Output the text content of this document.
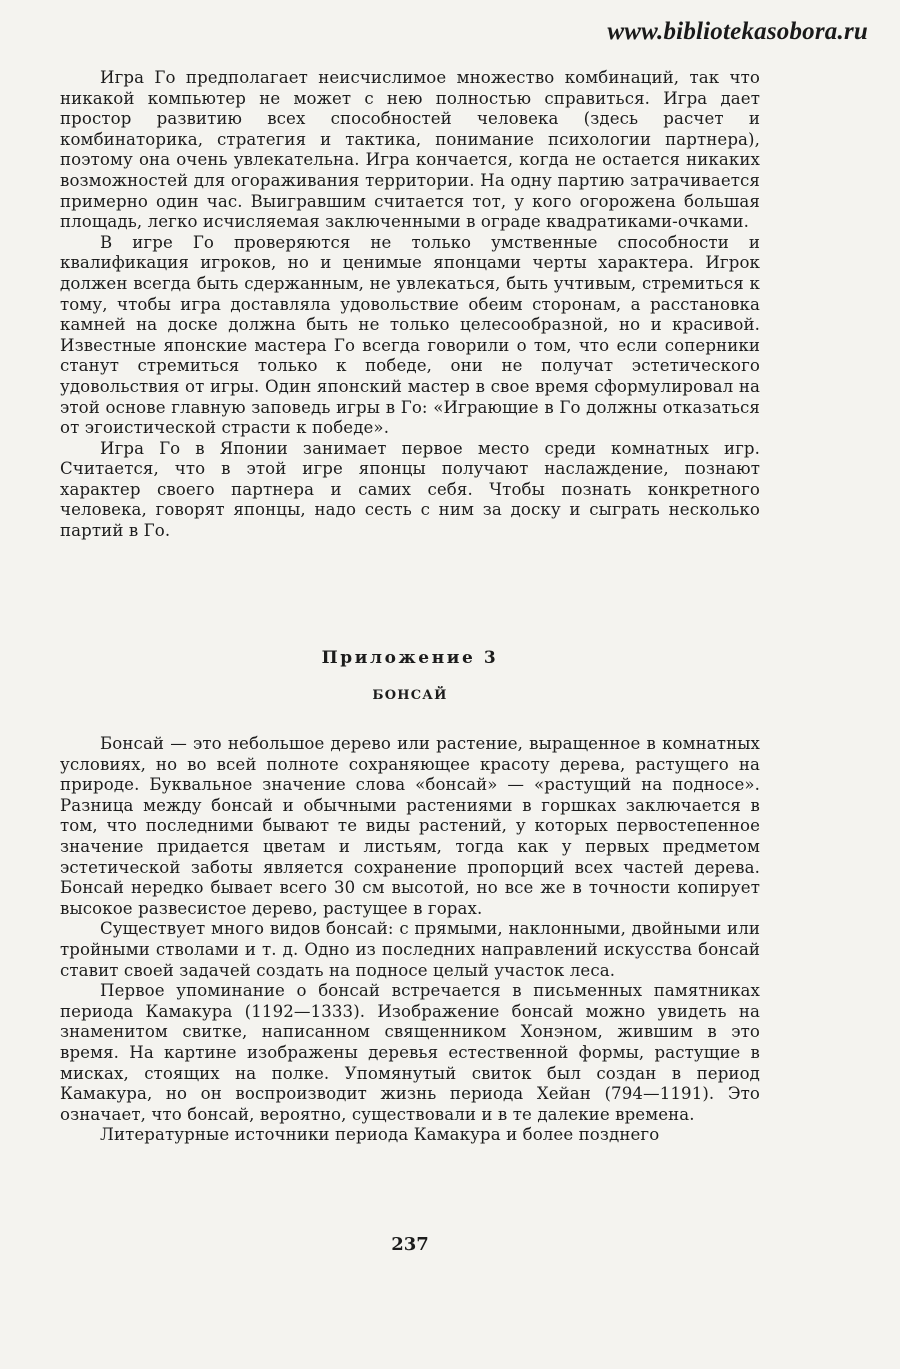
www.bibliotekasobora.ru

Игра Го предполагает неисчислимое множество комбинаций, так что никакой компьютер не может с нею полностью справиться. Игра дает простор развитию всех способностей человека (здесь расчет и комбинаторика, стратегия и тактика, понимание психологии партнера), поэтому она очень увлекательна. Игра кончается, когда не остается никаких возможностей для огораживания территории. На одну партию затрачивается примерно один час. Выигравшим считается тот, у кого огорожена большая площадь, легко исчисляемая заключенными в ограде квадратиками-очками.

В игре Го проверяются не только умственные способности и квалификация игроков, но и ценимые японцами черты характера. Игрок должен всегда быть сдержанным, не увлекаться, быть учтивым, стремиться к тому, чтобы игра доставляла удовольствие обеим сторонам, а расстановка камней на доске должна быть не только целесообразной, но и красивой. Известные японские мастера Го всегда говорили о том, что если соперники станут стремиться только к победе, они не получат эстетического удовольствия от игры. Один японский мастер в свое время сформулировал на этой основе главную заповедь игры в Го: «Играющие в Го должны отказаться от эгоистической страсти к победе».

Игра Го в Японии занимает первое место среди комнатных игр. Считается, что в этой игре японцы получают наслаждение, познают характер своего партнера и самих себя. Чтобы познать конкретного человека, говорят японцы, надо сесть с ним за доску и сыграть несколько партий в Го.

Приложение 3
БОНСАЙ

Бонсай — это небольшое дерево или растение, выращенное в комнатных условиях, но во всей полноте сохраняющее красоту дерева, растущего на природе. Буквальное значение слова «бонсай» — «растущий на подносе». Разница между бонсай и обычными растениями в горшках заключается в том, что последними бывают те виды растений, у которых первостепенное значение придается цветам и листьям, тогда как у первых предметом эстетической заботы является сохранение пропорций всех частей дерева. Бонсай нередко бывает всего 30 см высотой, но все же в точности копирует высокое развесистое дерево, растущее в горах.

Существует много видов бонсай: с прямыми, наклонными, двойными или тройными стволами и т. д. Одно из последних направлений искусства бонсай ставит своей задачей создать на подносе целый участок леса.

Первое упоминание о бонсай встречается в письменных памятниках периода Камакура (1192—1333). Изображение бонсай можно увидеть на знаменитом свитке, написанном священником Хонэном, жившим в это время. На картине изображены деревья естественной формы, растущие в мисках, стоящих на полке. Упомянутый свиток был создан в период Камакура, но он воспроизводит жизнь периода Хейан (794—1191). Это означает, что бонсай, вероятно, существовали и в те далекие времена.

Литературные источники периода Камакура и более позднего

237
